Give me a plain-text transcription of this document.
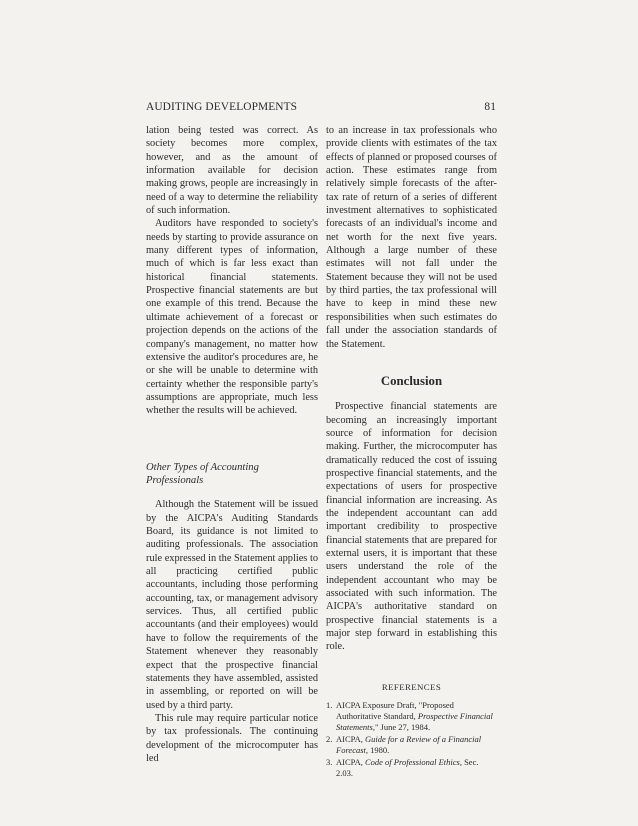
AUDITING DEVELOPMENTS	81

lation being tested was correct. As society becomes more complex, however, and as the amount of information available for decision making grows, people are increasingly in need of a way to determine the reliability of such information.

Auditors have responded to society's needs by starting to provide assurance on many different types of information, much of which is far less exact than historical financial statements. Prospective financial statements are but one example of this trend. Because the ultimate achievement of a forecast or projection depends on the actions of the company's management, no matter how extensive the auditor's procedures are, he or she will be unable to determine with certainty whether the responsible party's assumptions are appropriate, much less whether the results will be achieved.

Other Types of Accounting Professionals

Although the Statement will be issued by the AICPA's Auditing Standards Board, its guidance is not limited to auditing professionals. The association rule expressed in the Statement applies to all practicing certified public accountants, including those performing accounting, tax, or management advisory services. Thus, all certified public accountants (and their employees) would have to follow the requirements of the Statement whenever they reasonably expect that the prospective financial statements they have assembled, assisted in assembling, or reported on will be used by a third party.

This rule may require particular notice by tax professionals. The continuing development of the microcomputer has led

to an increase in tax professionals who provide clients with estimates of the tax effects of planned or proposed courses of action. These estimates range from relatively simple forecasts of the after-tax rate of return of a series of different investment alternatives to sophisticated forecasts of an individual's income and net worth for the next five years. Although a large number of these estimates will not fall under the Statement because they will not be used by third parties, the tax professional will have to keep in mind these new responsibilities when such estimates do fall under the association standards of the Statement.

Conclusion

Prospective financial statements are becoming an increasingly important source of information for decision making. Further, the microcomputer has dramatically reduced the cost of issuing prospective financial statements, and the expectations of users for prospective financial information are increasing. As the independent accountant can add important credibility to prospective financial statements that are prepared for external users, it is important that these users understand the role of the independent accountant who may be associated with such information. The AICPA's authoritative standard on prospective financial statements is a major step forward in establishing this role.

REFERENCES
1. AICPA Exposure Draft, "Proposed Authoritative Standard, Prospective Financial Statements," June 27, 1984.
2. AICPA, Guide for a Review of a Financial Forecast, 1980.
3. AICPA, Code of Professional Ethics, Sec. 2.03.
